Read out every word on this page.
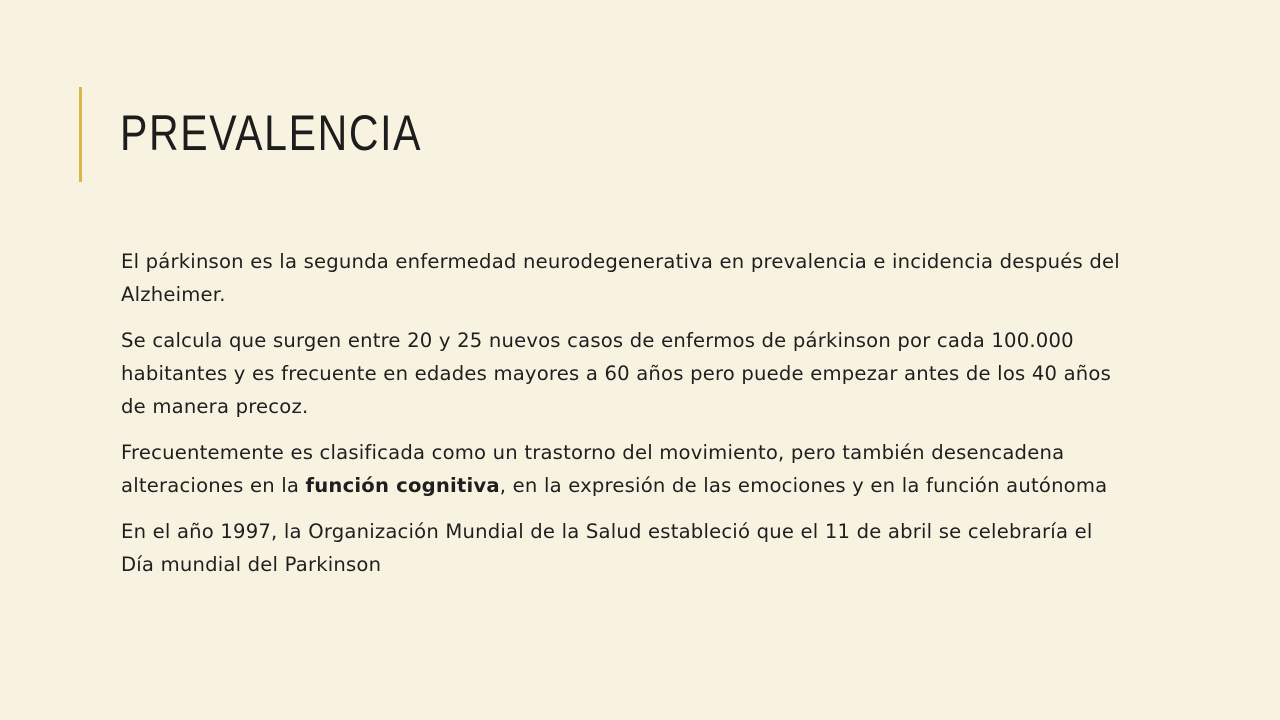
PREVALENCIA

El párkinson es la segunda enfermedad neurodegenerativa en prevalencia e incidencia después del Alzheimer.

Se calcula que surgen entre 20 y 25 nuevos casos de enfermos de párkinson por cada 100.000 habitantes y es frecuente en edades mayores a 60 años pero puede empezar antes de los 40 años de manera precoz.

Frecuentemente es clasificada como un trastorno del movimiento, pero también desencadena alteraciones en la función cognitiva, en la expresión de las emociones y en la función autónoma

En el año 1997, la Organización Mundial de la Salud estableció que el 11 de abril se celebraría el Día mundial del Parkinson
